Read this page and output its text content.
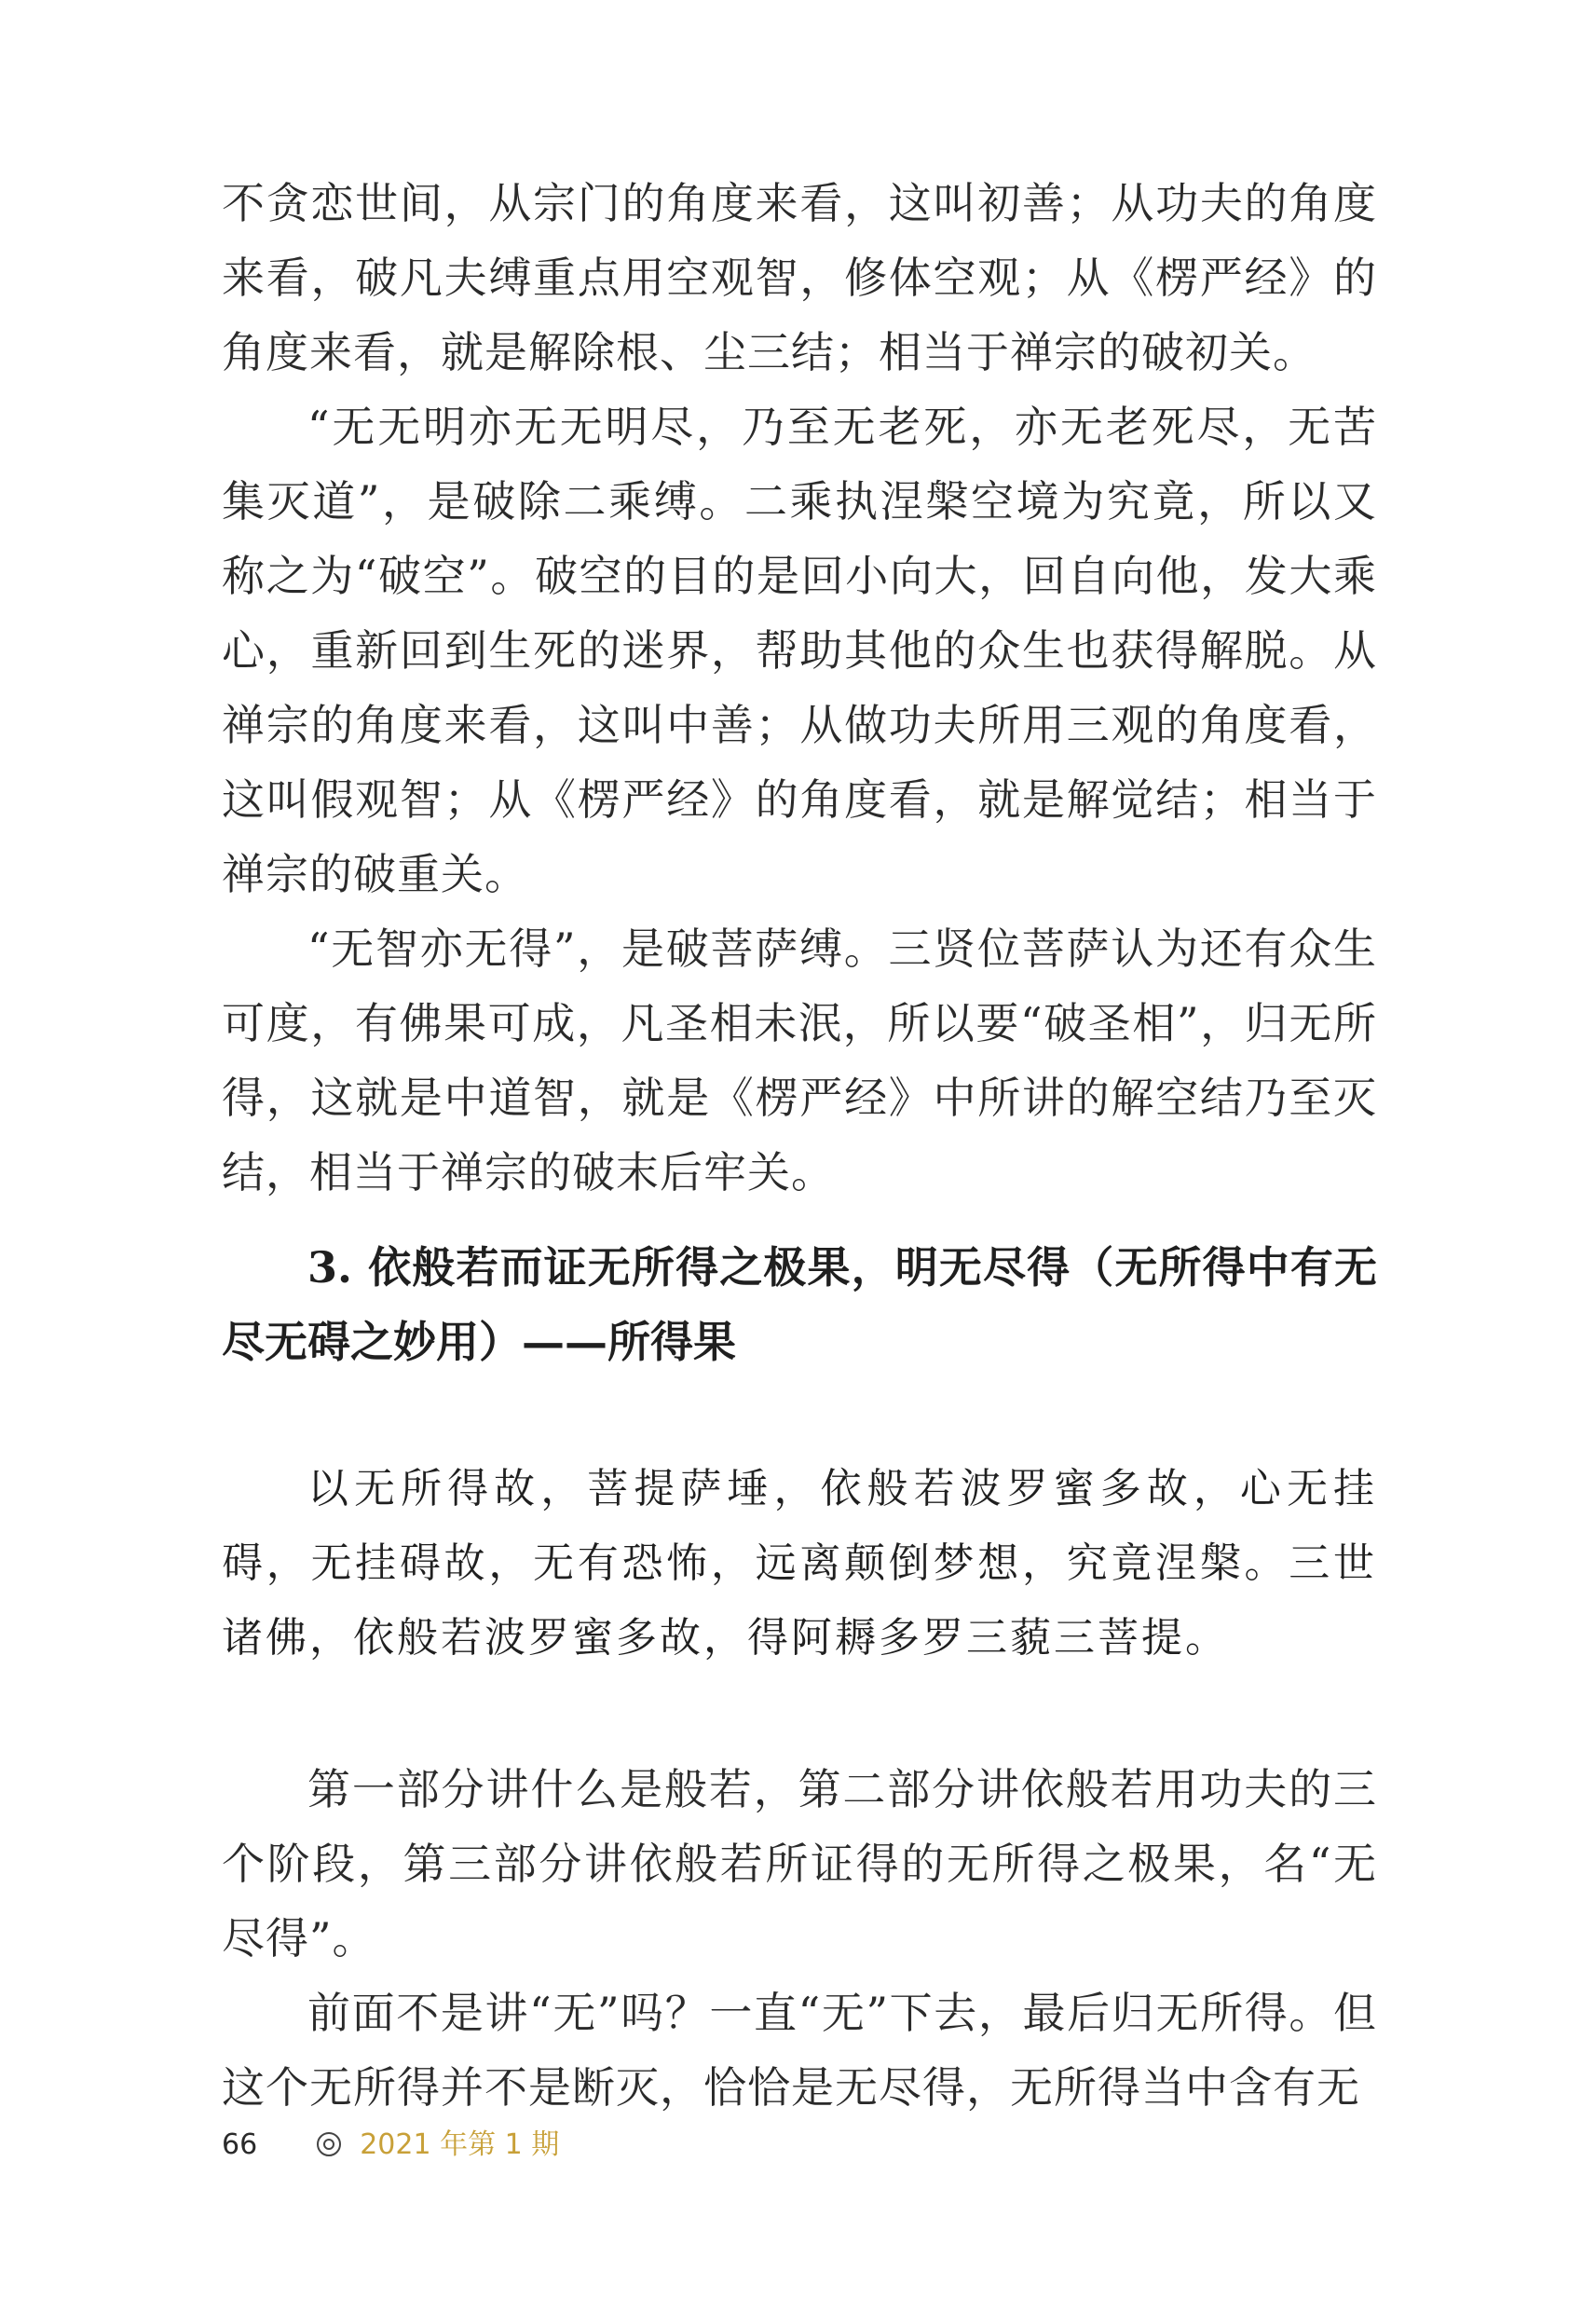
不贪恋世间，从宗门的角度来看，这叫初善；从功夫的角度来看，破凡夫缚重点用空观智，修体空观；从《楞严经》的角度来看，就是解除根、尘三结；相当于禅宗的破初关。

“无无明亦无无明尽，乃至无老死，亦无老死尽，无苦集灭道”，是破除二乘缚。二乘执涅槃空境为究竟，所以又称之为“破空”。破空的目的是回小向大，回自向他，发大乘心，重新回到生死的迷界，帮助其他的众生也获得解脱。从禅宗的角度来看，这叫中善；从做功夫所用三观的角度看，这叫假观智；从《楞严经》的角度看，就是解觉结；相当于禅宗的破重关。

“无智亦无得”，是破菩萨缚。三贤位菩萨认为还有众生可度，有佛果可成，凡圣相未泯，所以要“破圣相”，归无所得，这就是中道智，就是《楞严经》中所讲的解空结乃至灭结，相当于禅宗的破末后牢关。

3. 依般若而证无所得之极果，明无尽得（无所得中有无尽无碍之妙用）——所得果

以无所得故，菩提萨埵，依般若波罗蜜多故，心无挂碍，无挂碍故，无有恐怖，远离颠倒梦想，究竟涅槃。三世诸佛，依般若波罗蜜多故，得阿耨多罗三藐三菩提。

第一部分讲什么是般若，第二部分讲依般若用功夫的三个阶段，第三部分讲依般若所证得的无所得之极果，名“无尽得”。

前面不是讲“无”吗？一直“无”下去，最后归无所得。但这个无所得并不是断灭，恰恰是无尽得，无所得当中含有无

66	2021 年第 1 期
